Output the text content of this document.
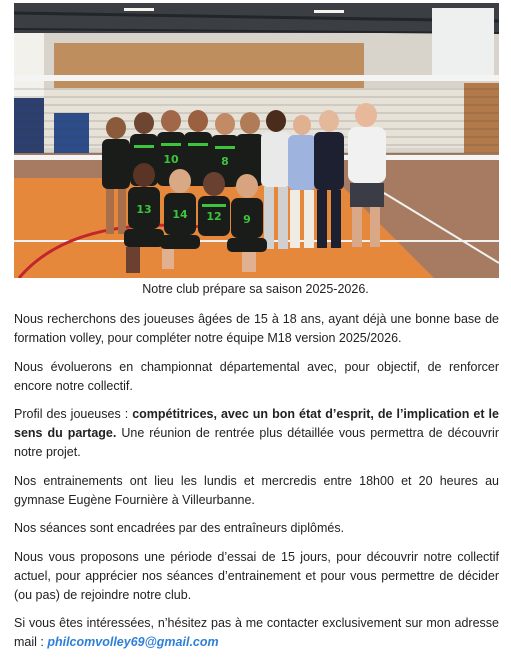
13
10	8
14 12 9
Notre club prépare sa saison 2025-2026.

Nous recherchons des joueuses âgées de 15 à 18 ans, ayant déjà une bonne base de formation volley, pour compléter notre équipe M18 version 2025/2026.

Nous évoluerons en championnat départemental avec, pour objectif, de renforcer encore notre collectif.

Profil des joueuses : compétitrices, avec un bon état d’esprit, de l’implication et le sens du partage. Une réunion de rentrée plus détaillée vous permettra de découvrir notre projet.

Nos entrainements ont lieu les lundis et mercredis entre 18h00 et 20 heures au gymnase Eugène Fournière à Villeurbanne.

Nos séances sont encadrées par des entraîneurs diplômés.

Nous vous proposons une période d’essai de 15 jours, pour découvrir notre collectif actuel, pour apprécier nos séances d’entrainement et pour vous permettre de décider (ou pas) de rejoindre notre club.

Si vous êtes intéressées, n’hésitez pas à me contacter exclusivement sur mon adresse mail : philcomvolley69@gmail.com
